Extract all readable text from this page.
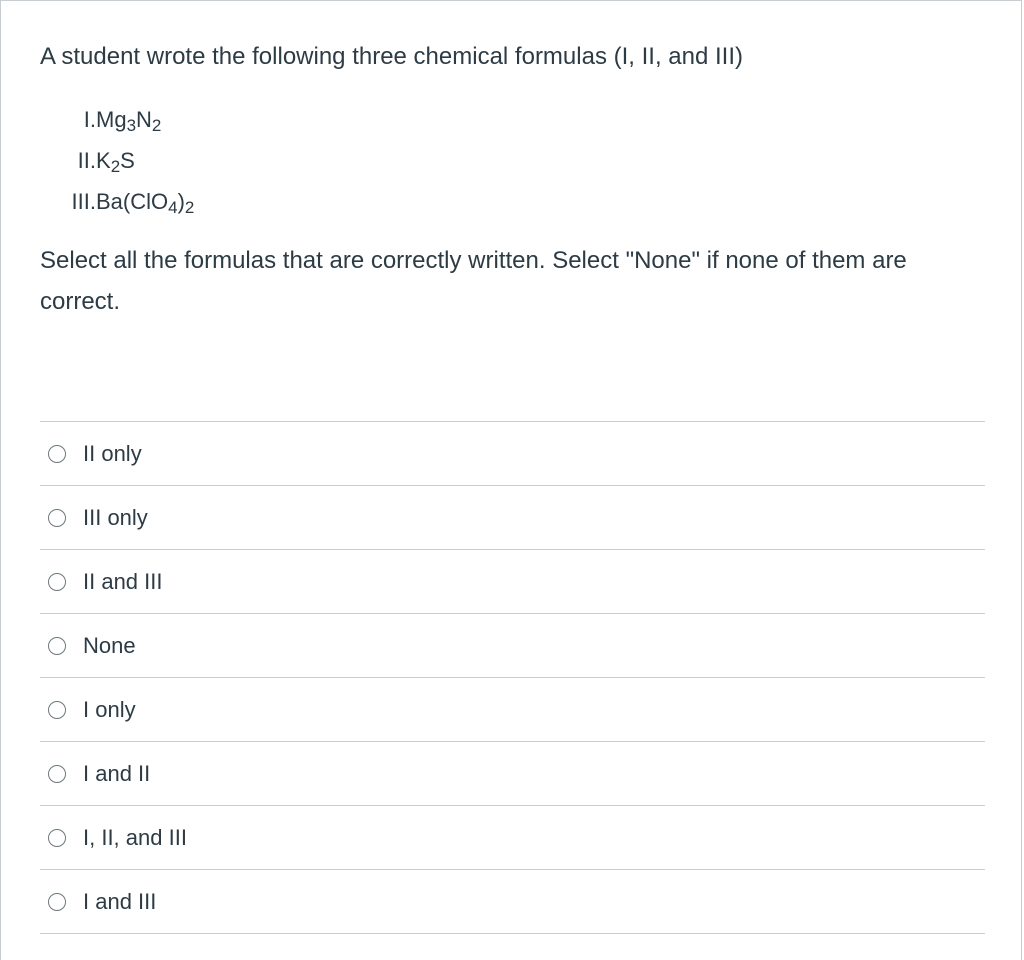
A student wrote the following three chemical formulas (I, II, and III)
I. $Mg_3N_2$
II. $K_2S$
III. $Ba(ClO_4)_2$
Select all the formulas that are correctly written. Select "None" if none of them are correct.
II only
III only
II and III
None
I only
I and II
I, II, and III
I and III
